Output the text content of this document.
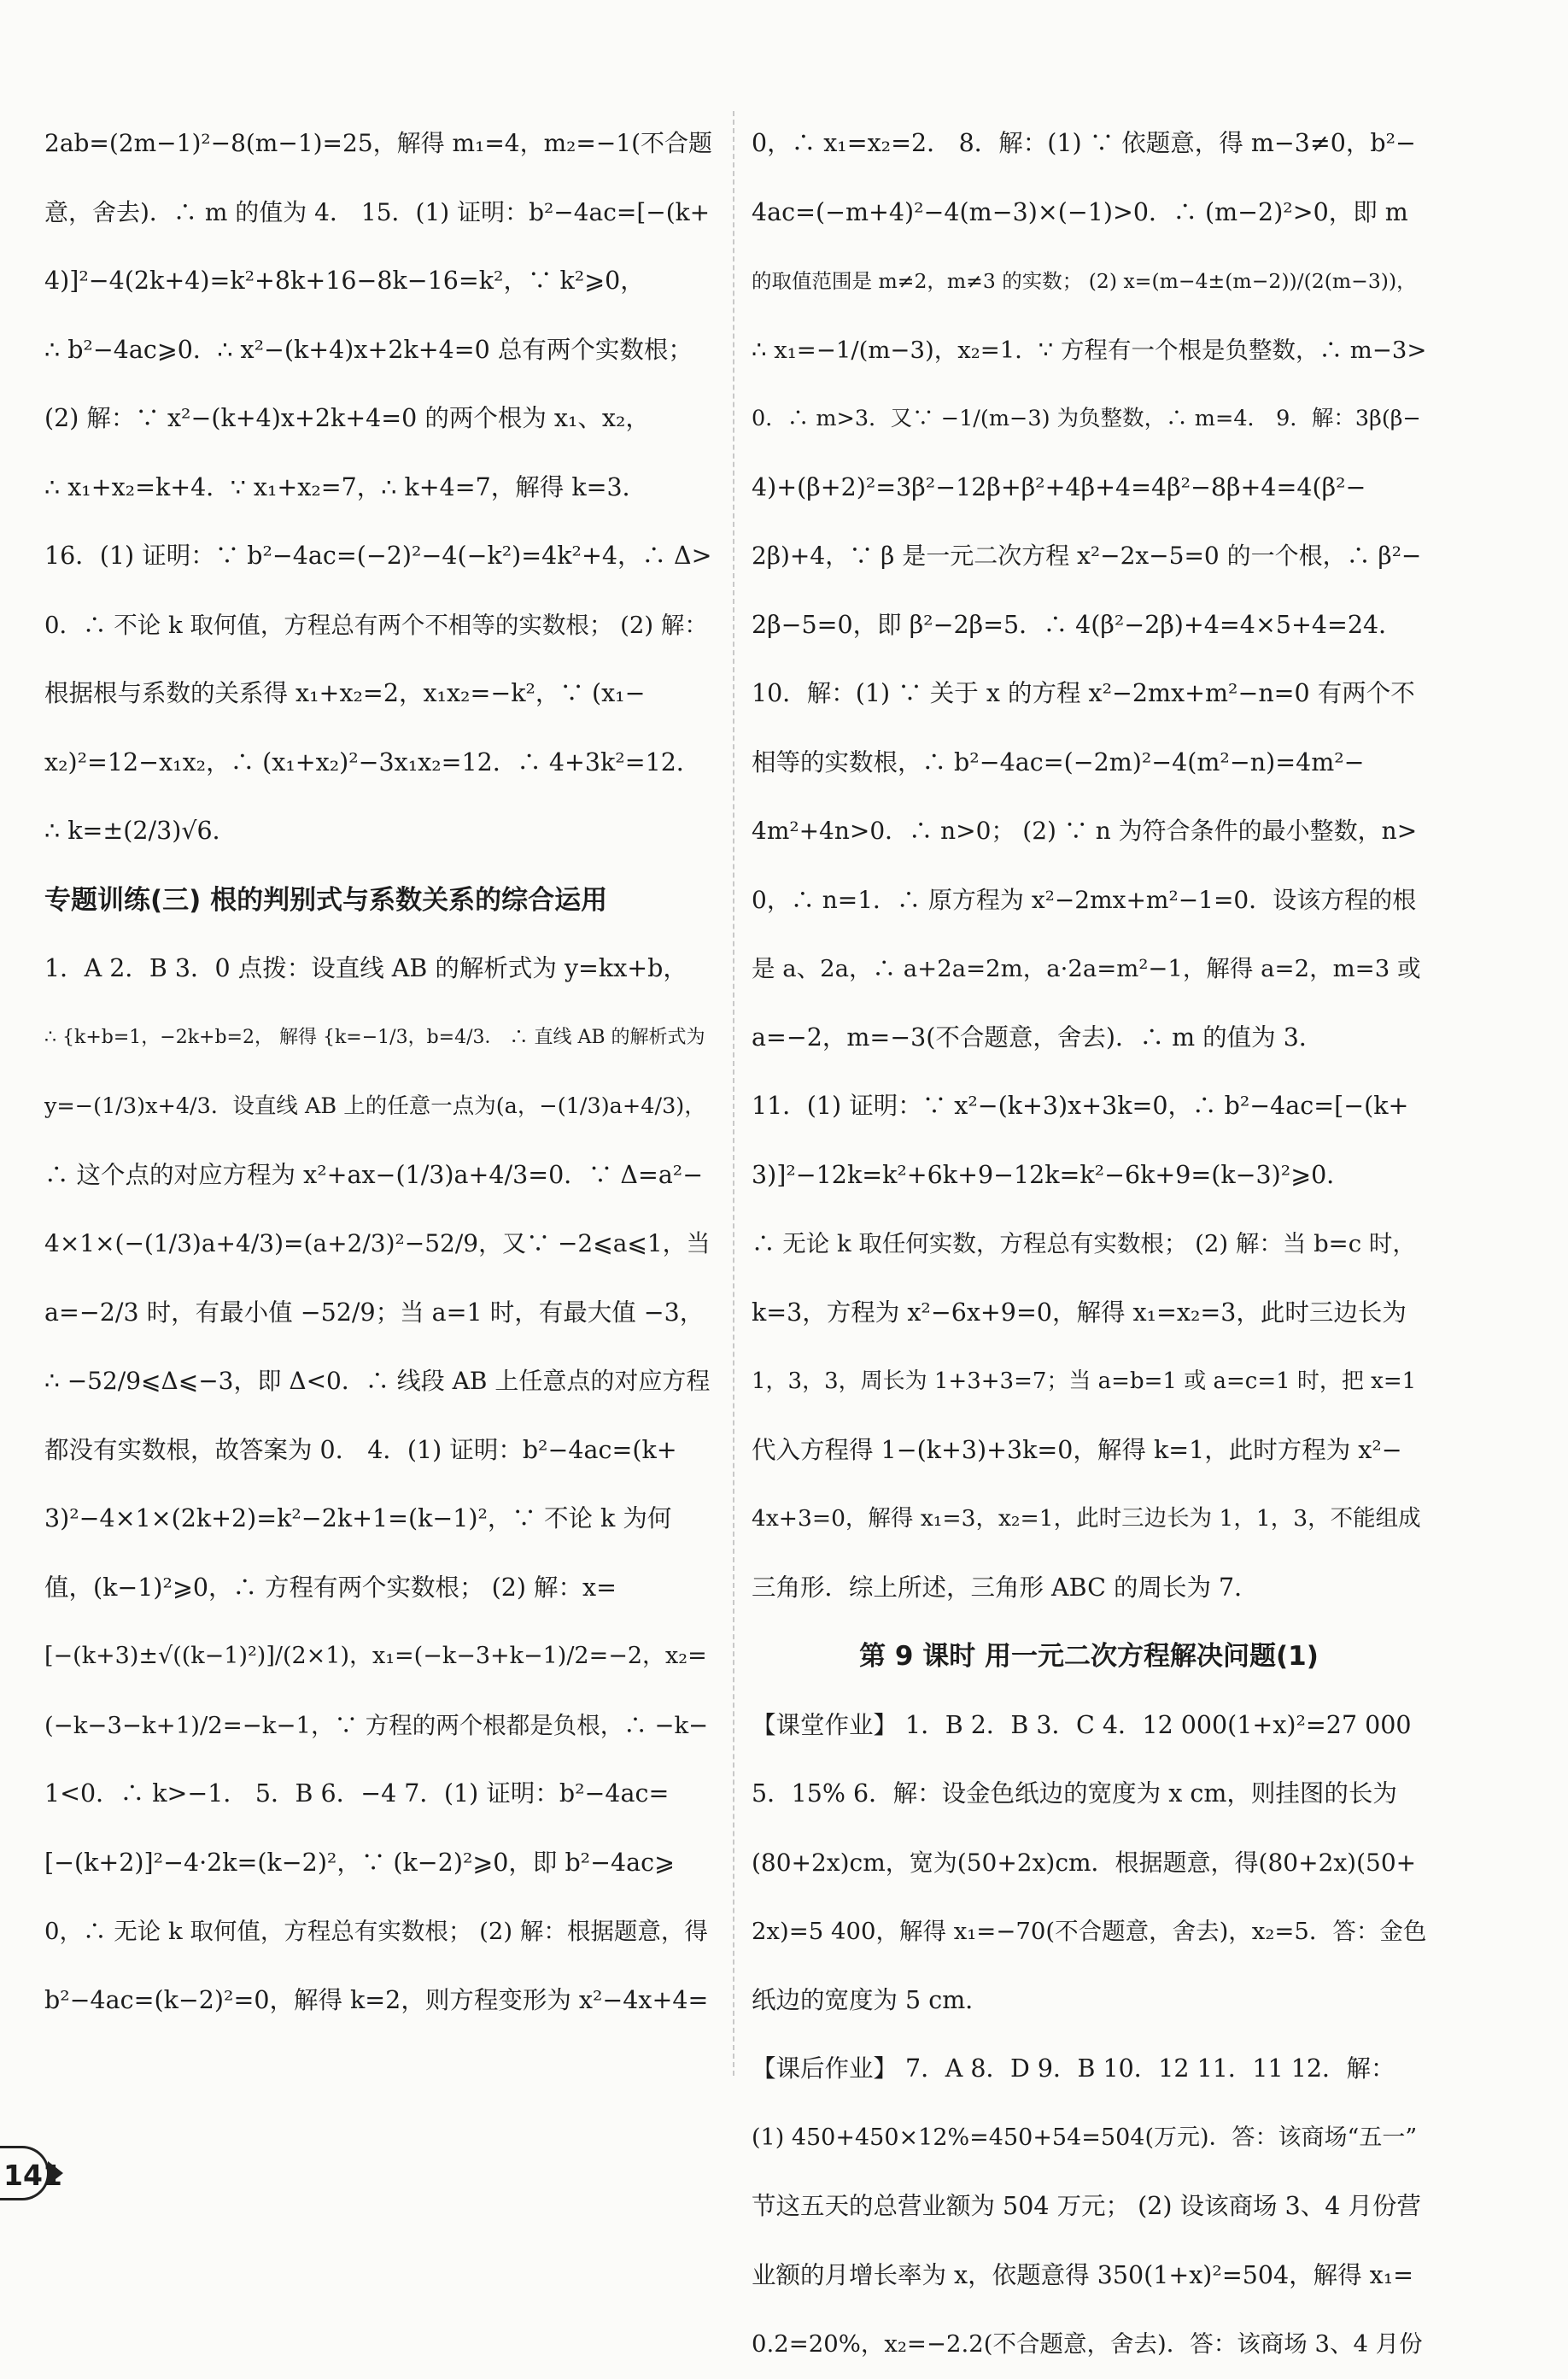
2ab=(2m−1)²−8(m−1)=25，解得 m₁=4，m₂=−1(不合题
意，舍去)．∴ m 的值为 4． 15．(1) 证明：b²−4ac=[−(k+
4)]²−4(2k+4)=k²+8k+16−8k−16=k²，∵ k²⩾0，
∴ b²−4ac⩾0．∴ x²−(k+4)x+2k+4=0 总有两个实数根；
(2) 解：∵ x²−(k+4)x+2k+4=0 的两个根为 x₁、x₂，
∴ x₁+x₂=k+4．∵ x₁+x₂=7，∴ k+4=7，解得 k=3．
16．(1) 证明：∵ b²−4ac=(−2)²−4(−k²)=4k²+4，∴ Δ>
0．∴ 不论 k 取何值，方程总有两个不相等的实数根； (2) 解：
根据根与系数的关系得 x₁+x₂=2，x₁x₂=−k²，∵ (x₁−
x₂)²=12−x₁x₂，∴ (x₁+x₂)²−3x₁x₂=12．∴ 4+3k²=12．
∴ k=±(2/3)√6．
专题训练(三) 根的判别式与系数关系的综合运用
1．A 2．B 3．0 点拨：设直线 AB 的解析式为 y=kx+b，
∴ {k+b=1，−2k+b=2， 解得 {k=−1/3，b=4/3． ∴ 直线 AB 的解析式为
y=−(1/3)x+4/3．设直线 AB 上的任意一点为(a，−(1/3)a+4/3)，
∴ 这个点的对应方程为 x²+ax−(1/3)a+4/3=0．∵ Δ=a²−
4×1×(−(1/3)a+4/3)=(a+2/3)²−52/9，又∵ −2⩽a⩽1，当
a=−2/3 时，有最小值 −52/9；当 a=1 时，有最大值 −3，
∴ −52/9⩽Δ⩽−3，即 Δ<0．∴ 线段 AB 上任意点的对应方程
都没有实数根，故答案为 0． 4．(1) 证明：b²−4ac=(k+
3)²−4×1×(2k+2)=k²−2k+1=(k−1)²，∵ 不论 k 为何
值，(k−1)²⩾0，∴ 方程有两个实数根； (2) 解：x=
[−(k+3)±√((k−1)²)]/(2×1)，x₁=(−k−3+k−1)/2=−2，x₂=
(−k−3−k+1)/2=−k−1，∵ 方程的两个根都是负根，∴ −k−
1<0．∴ k>−1． 5．B 6．−4 7．(1) 证明：b²−4ac=
[−(k+2)]²−4·2k=(k−2)²，∵ (k−2)²⩾0，即 b²−4ac⩾
0，∴ 无论 k 取何值，方程总有实数根； (2) 解：根据题意，得
b²−4ac=(k−2)²=0，解得 k=2，则方程变形为 x²−4x+4=
0，∴ x₁=x₂=2． 8．解：(1) ∵ 依题意，得 m−3≠0，b²−
4ac=(−m+4)²−4(m−3)×(−1)>0．∴ (m−2)²>0，即 m
的取值范围是 m≠2，m≠3 的实数； (2) x=(m−4±(m−2))/(2(m−3))，
∴ x₁=−1/(m−3)，x₂=1．∵ 方程有一个根是负整数，∴ m−3>
0．∴ m>3．又∵ −1/(m−3) 为负整数，∴ m=4． 9．解：3β(β−
4)+(β+2)²=3β²−12β+β²+4β+4=4β²−8β+4=4(β²−
2β)+4，∵ β 是一元二次方程 x²−2x−5=0 的一个根，∴ β²−
2β−5=0，即 β²−2β=5．∴ 4(β²−2β)+4=4×5+4=24．
10．解：(1) ∵ 关于 x 的方程 x²−2mx+m²−n=0 有两个不
相等的实数根，∴ b²−4ac=(−2m)²−4(m²−n)=4m²−
4m²+4n>0．∴ n>0； (2) ∵ n 为符合条件的最小整数，n>
0，∴ n=1．∴ 原方程为 x²−2mx+m²−1=0．设该方程的根
是 a、2a，∴ a+2a=2m，a·2a=m²−1，解得 a=2，m=3 或
a=−2，m=−3(不合题意，舍去)．∴ m 的值为 3．
11．(1) 证明：∵ x²−(k+3)x+3k=0，∴ b²−4ac=[−(k+
3)]²−12k=k²+6k+9−12k=k²−6k+9=(k−3)²⩾0．
∴ 无论 k 取任何实数，方程总有实数根； (2) 解：当 b=c 时，
k=3，方程为 x²−6x+9=0，解得 x₁=x₂=3，此时三边长为
1，3，3，周长为 1+3+3=7；当 a=b=1 或 a=c=1 时，把 x=1
代入方程得 1−(k+3)+3k=0，解得 k=1，此时方程为 x²−
4x+3=0，解得 x₁=3，x₂=1，此时三边长为 1，1，3，不能组成
三角形．综上所述，三角形 ABC 的周长为 7．
第 9 课时 用一元二次方程解决问题(1)
【课堂作业】 1．B 2．B 3．C 4．12 000(1+x)²=27 000
5．15% 6．解：设金色纸边的宽度为 x cm，则挂图的长为
(80+2x)cm，宽为(50+2x)cm．根据题意，得(80+2x)(50+
2x)=5 400，解得 x₁=−70(不合题意，舍去)，x₂=5．答：金色
纸边的宽度为 5 cm．
【课后作业】 7．A 8．D 9．B 10．12 11．11 12．解：
(1) 450+450×12%=450+54=504(万元)．答：该商场“五一”
节这五天的总营业额为 504 万元； (2) 设该商场 3、4 月份营
业额的月增长率为 x，依题意得 350(1+x)²=504，解得 x₁=
0.2=20%，x₂=−2.2(不合题意，舍去)．答：该商场 3、4 月份
141
